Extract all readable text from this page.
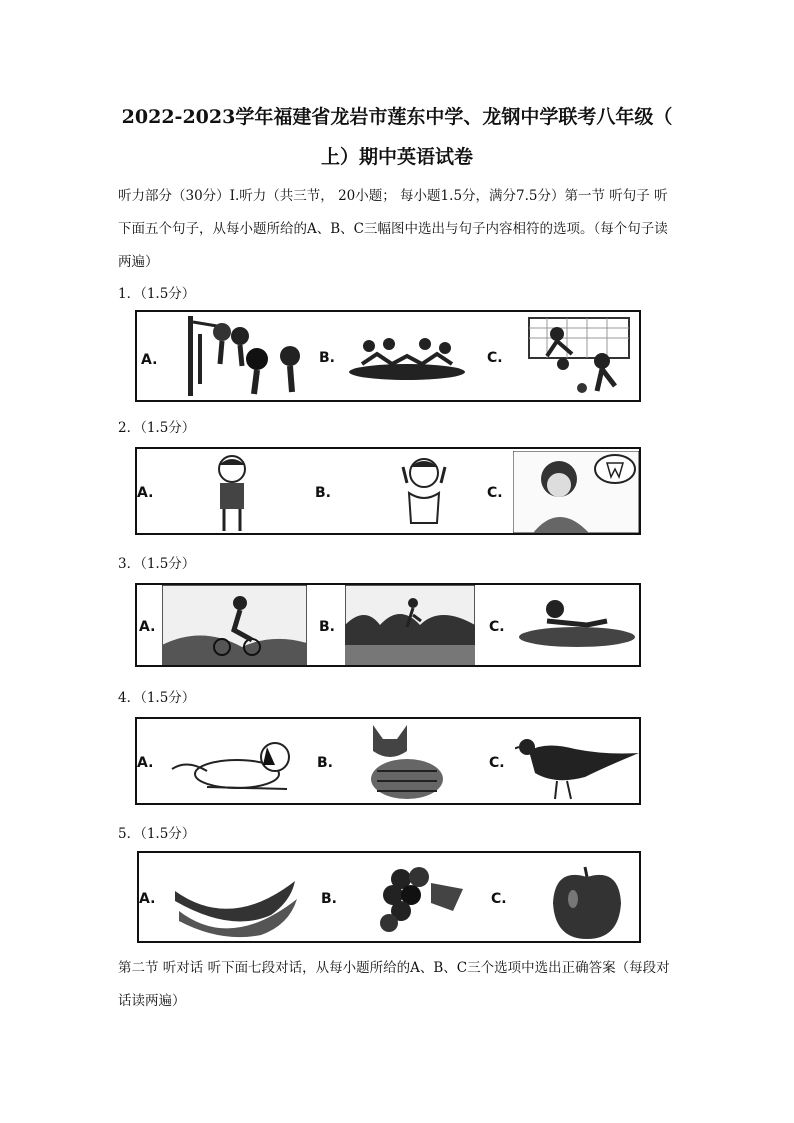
2022-2023学年福建省龙岩市莲东中学、龙钢中学联考八年级（
上）期中英语试卷
听力部分（30分）Ⅰ.听力（共三节， 20小题； 每小题1.5分，满分7.5分）第一节 听句子 听下面五个句子，从每小题所给的A、B、C三幅图中选出与句子内容相符的选项。（每个句子读两遍）
1．（1.5分）
A.	B.	C.
2．（1.5分）
A.	B.	C.
3．（1.5分）
A.	B.	C.
4．（1.5分）
A.	B.	C.
5．（1.5分）
A.	B.	C.
第二节 听对话 听下面七段对话，从每小题所给的A、B、C三个选项中选出正确答案（每段对话读两遍）
